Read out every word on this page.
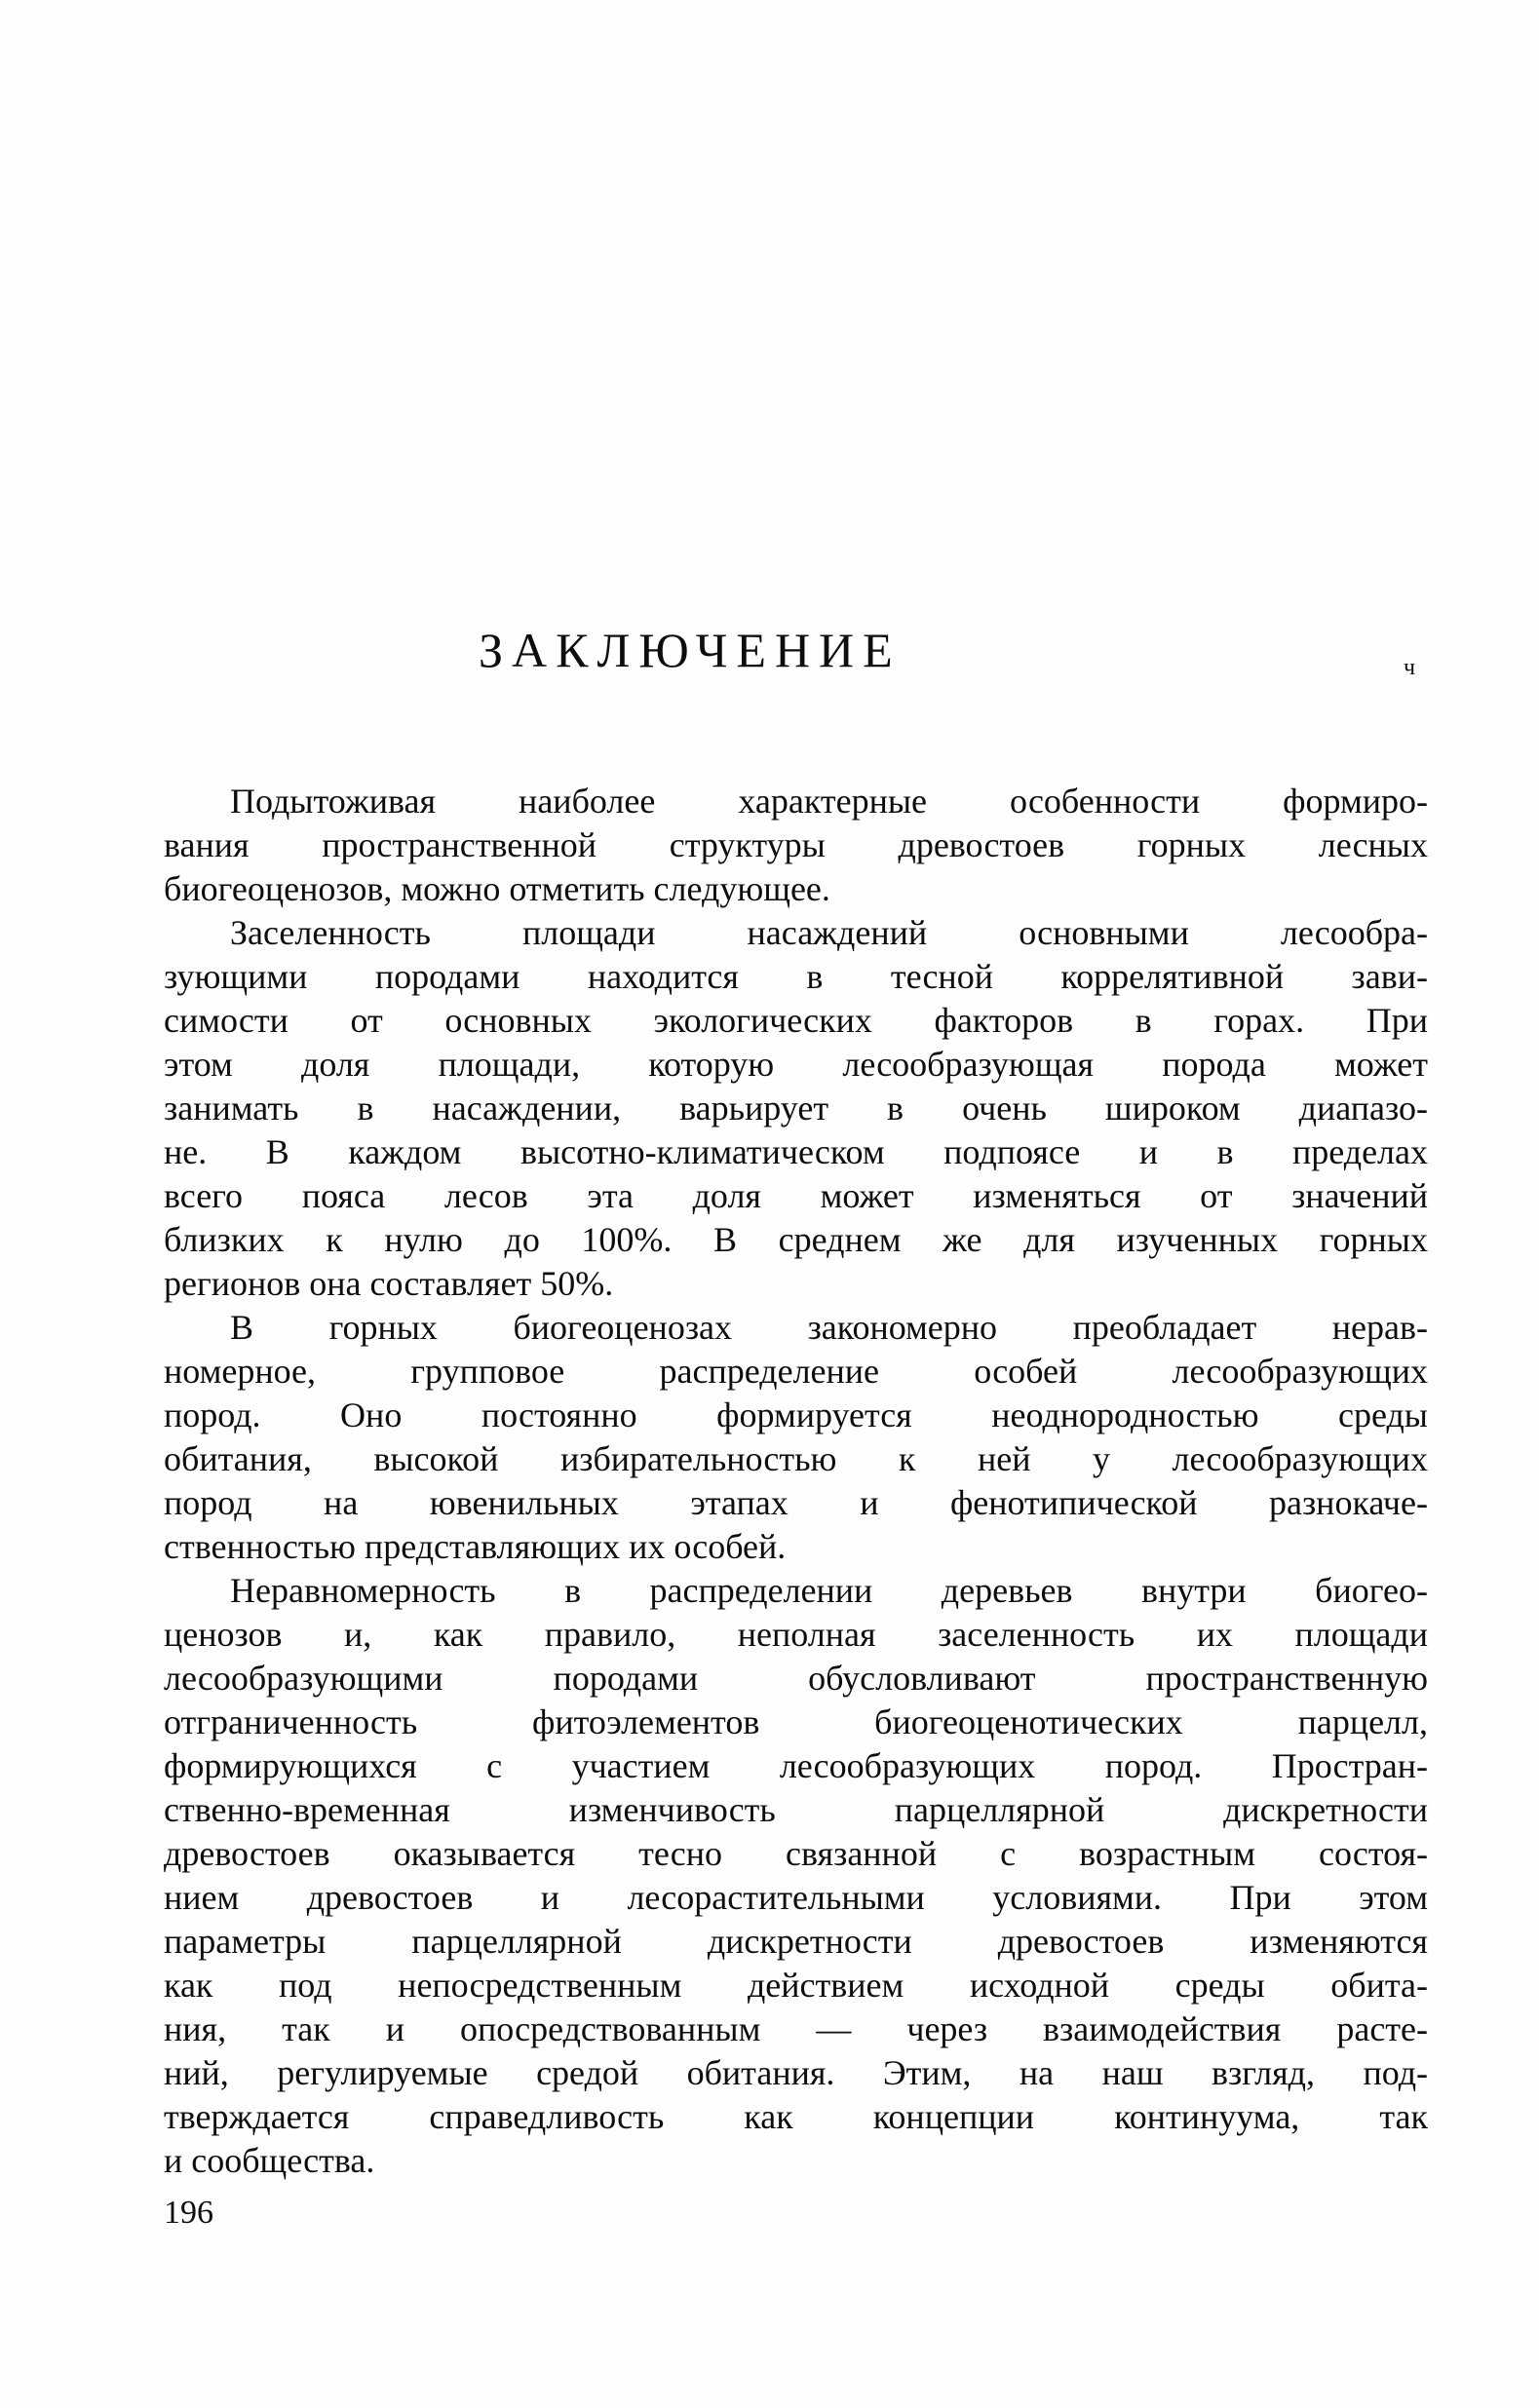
ЗАКЛЮЧЕНИЕ	ч
Подытоживая наиболее характерные особенности формиро-
вания пространственной структуры древостоев горных лесных
биогеоценозов, можно отметить следующее.
Заселенность площади насаждений основными лесообра-
зующими породами находится в тесной коррелятивной зави-
симости от основных экологических факторов в горах. При
этом доля площади, которую лесообразующая порода может
занимать в насаждении, варьирует в очень широком диапазо-
не. В каждом высотно-климатическом подпоясе и в пределах
всего пояса лесов эта доля может изменяться от значений
близких к нулю до 100%. В среднем же для изученных горных
регионов она составляет 50%.
В горных биогеоценозах закономерно преобладает нерав-
номерное, групповое распределение особей лесообразующих
пород. Оно постоянно формируется неоднородностью среды
обитания, высокой избирательностью к ней у лесообразующих
пород на ювенильных этапах и фенотипической разнокаче-
ственностью представляющих их особей.
Неравномерность в распределении деревьев внутри биогео-
ценозов и, как правило, неполная заселенность их площади
лесообразующими породами обусловливают пространственную
отграниченность фитоэлементов биогеоценотических парцелл,
формирующихся с участием лесообразующих пород. Простран-
ственно-временная изменчивость парцеллярной дискретности
древостоев оказывается тесно связанной с возрастным состоя-
нием древостоев и лесорастительными условиями. При этом
параметры парцеллярной дискретности древостоев изменяются
как под непосредственным действием исходной среды обита-
ния, так и опосредствованным — через взаимодействия расте-
ний, регулируемые средой обитания. Этим, на наш взгляд, под-
тверждается справедливость как концепции континуума, так
и сообщества.
196
